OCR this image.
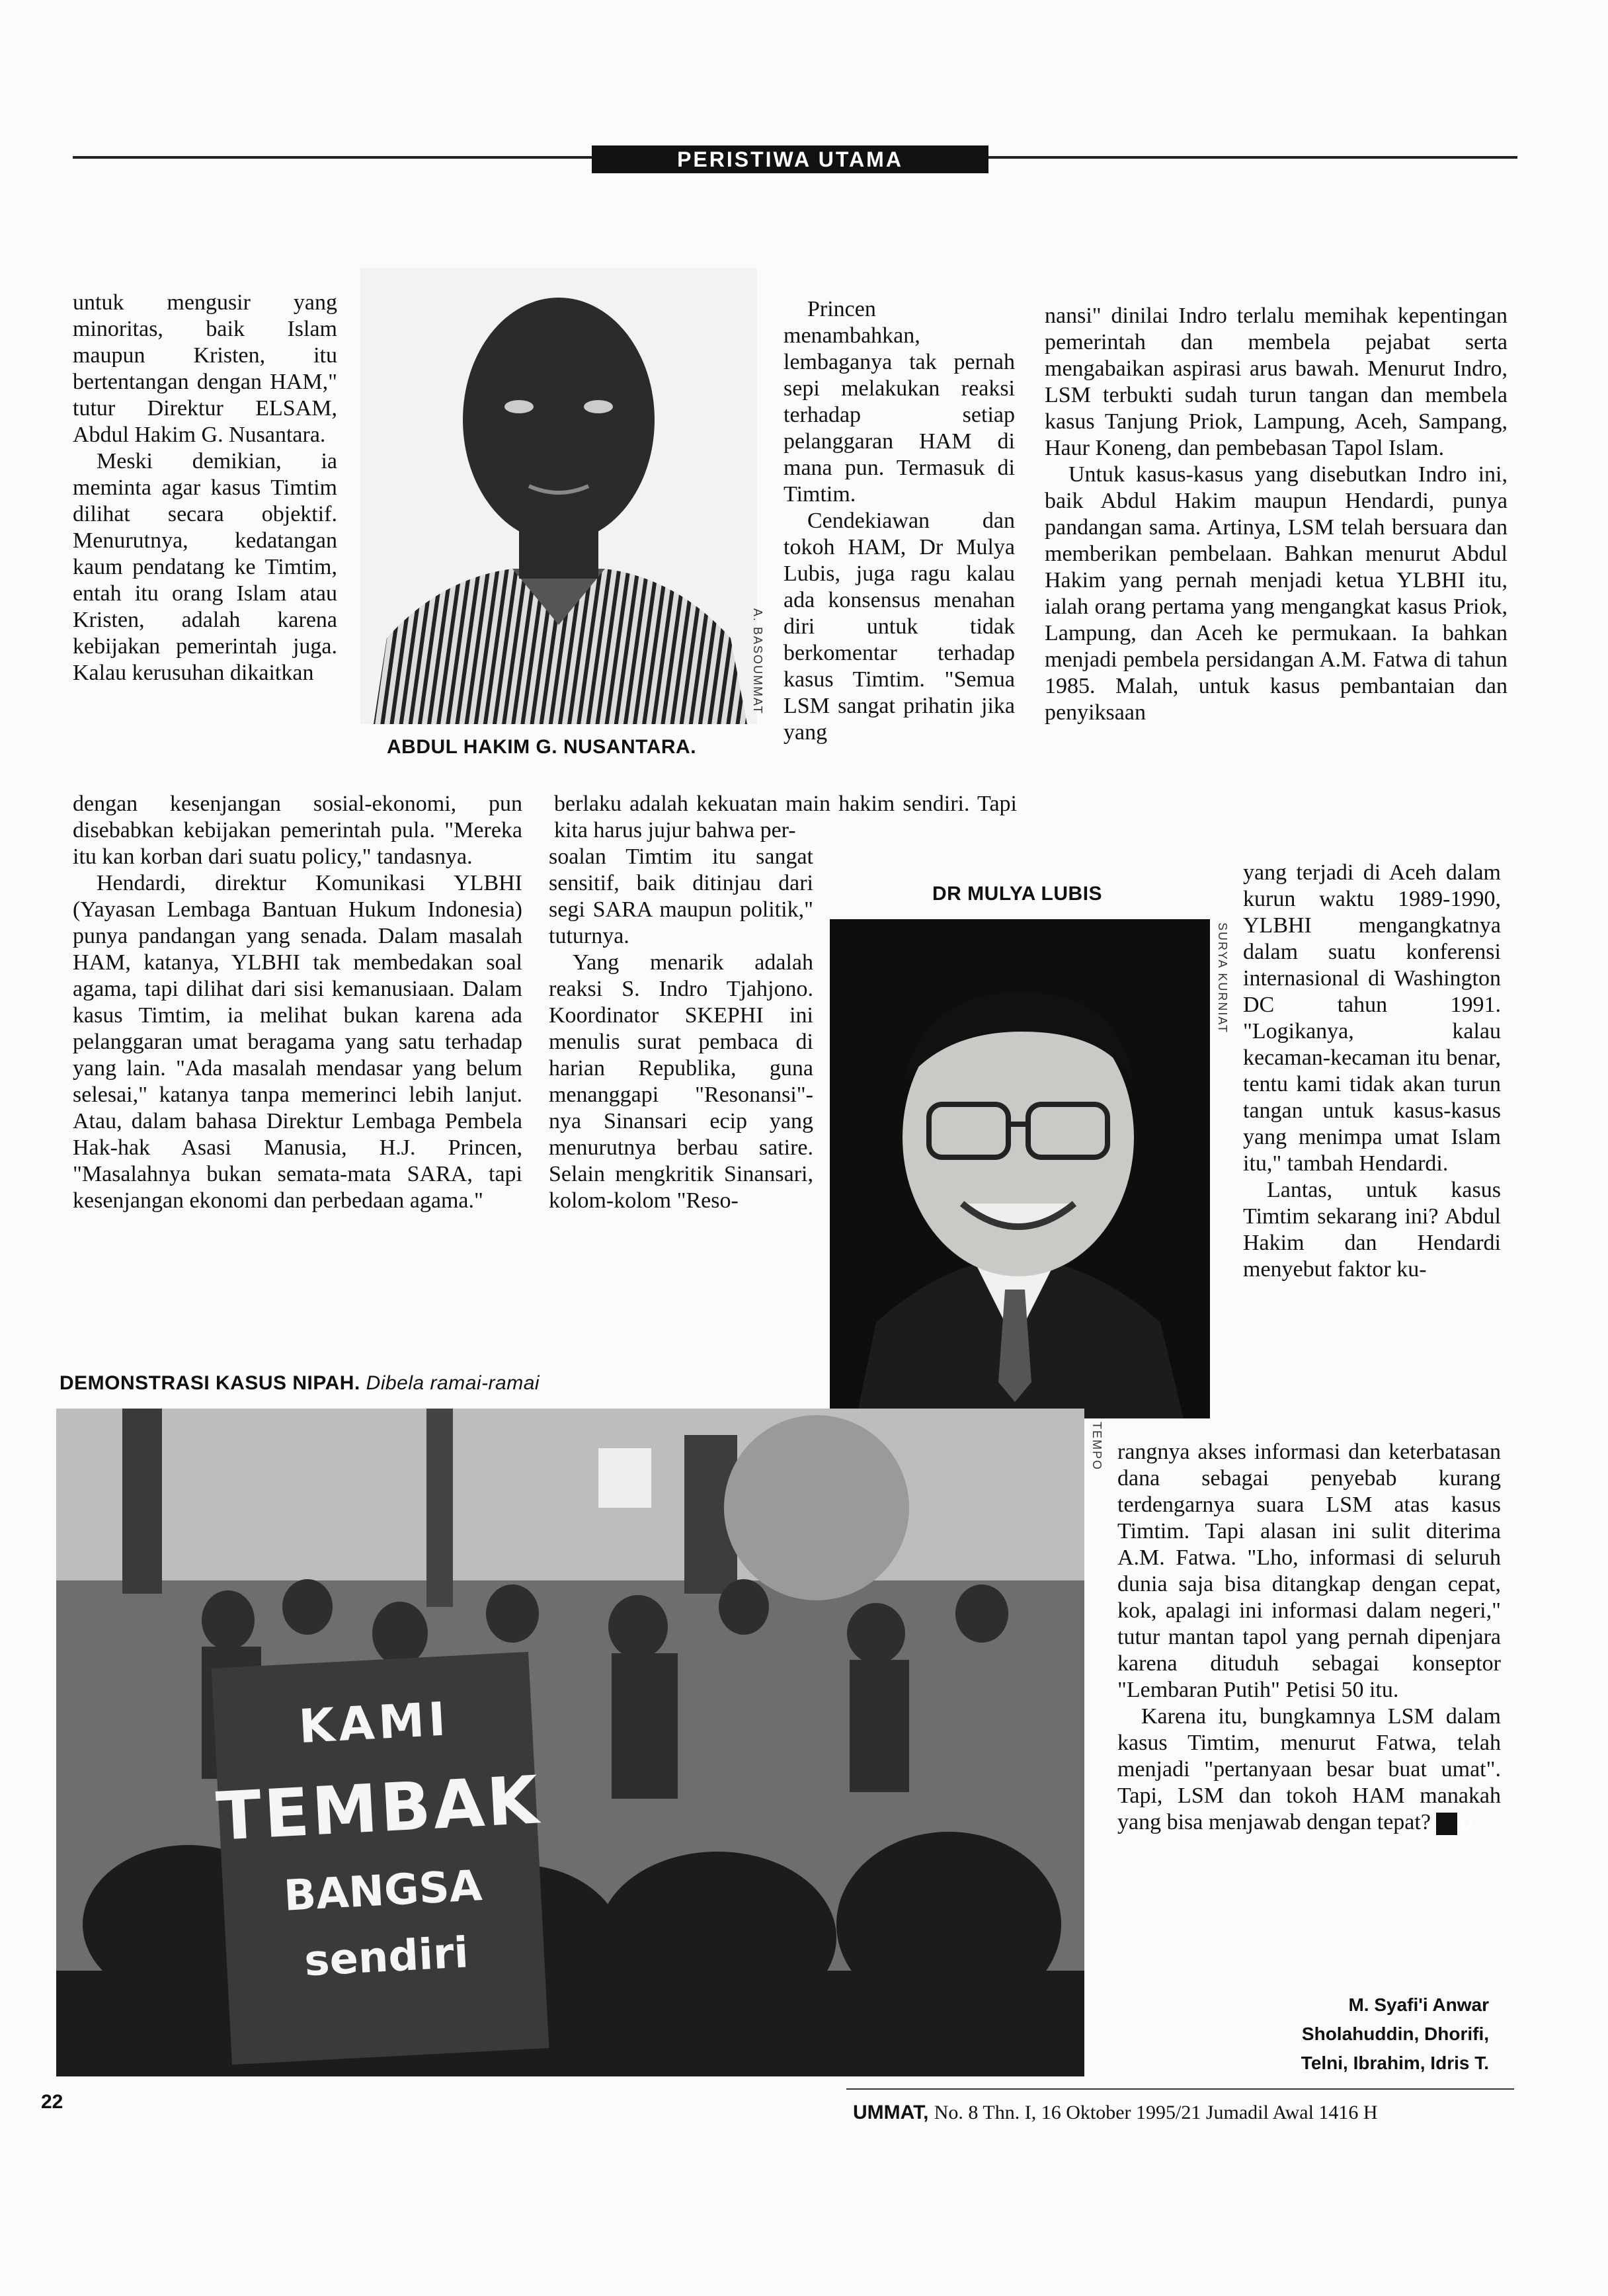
PERISTIWA UTAMA

untuk mengusir yang minoritas, baik Islam maupun Kristen, itu bertentangan dengan HAM," tutur Direktur ELSAM, Abdul Hakim G. Nusantara.

Meski demikian, ia meminta agar kasus Timtim dilihat secara objektif. Menurutnya, kedatangan kaum pendatang ke Timtim, entah itu orang Islam atau Kristen, adalah karena kebijakan pemerintah juga. Kalau kerusuhan dikaitkan	A. BASOUMMAT
ABDUL HAKIM G. NUSANTARA.

Princen menambahkan, lembaganya tak pernah sepi melakukan reaksi terhadap setiap pelanggaran HAM di mana pun. Termasuk di Timtim.

Cendekiawan dan tokoh HAM, Dr Mulya Lubis, juga ragu kalau ada konsensus menahan diri untuk tidak berkomentar terhadap kasus Timtim. "Semua LSM sangat prihatin jika yang

dengan kesenjangan sosial-ekonomi, pun disebabkan kebijakan pemerintah pula. "Mereka itu kan korban dari suatu policy," tandasnya.

Hendardi, direktur Komunikasi YLBHI (Yayasan Lembaga Bantuan Hukum Indonesia) punya pandangan yang senada. Dalam masalah HAM, katanya, YLBHI tak membedakan soal agama, tapi dilihat dari sisi kemanusiaan. Dalam kasus Timtim, ia melihat bukan karena ada pelanggaran umat beragama yang satu terhadap yang lain. "Ada masalah mendasar yang belum selesai," katanya tanpa memerinci lebih lanjut. Atau, dalam bahasa Direktur Lembaga Pembela Hak-hak Asasi Manusia, H.J. Princen, "Masalahnya bukan semata-mata SARA, tapi kesenjangan ekonomi dan perbedaan agama."

berlaku adalah kekuatan main hakim sendiri. Tapi kita harus jujur bahwa per-

soalan Timtim itu sangat sensitif, baik ditinjau dari segi SARA maupun politik," tuturnya.

Yang menarik adalah reaksi S. Indro Tjahjono. Koordinator SKEPHI ini menulis surat pembaca di harian Republika, guna menanggapi "Resonansi"-nya Sinansari ecip yang menurutnya berbau satire. Selain mengkritik Sinansari, kolom-kolom "Reso-

DR MULYA LUBIS
SURYA KURNIAT

nansi" dinilai Indro terlalu memihak kepentingan pemerintah dan membela pejabat serta mengabaikan aspirasi arus bawah. Menurut Indro, LSM terbukti sudah turun tangan dan membela kasus Tanjung Priok, Lampung, Aceh, Sampang, Haur Koneng, dan pembebasan Tapol Islam.

Untuk kasus-kasus yang disebutkan Indro ini, baik Abdul Hakim maupun Hendardi, punya pandangan sama. Artinya, LSM telah bersuara dan memberikan pembelaan. Bahkan menurut Abdul Hakim yang pernah menjadi ketua YLBHI itu, ialah orang pertama yang mengangkat kasus Priok, Lampung, dan Aceh ke permukaan. Ia bahkan menjadi pembela persidangan A.M. Fatwa di tahun 1985. Malah, untuk kasus pembantaian dan penyiksaan

yang terjadi di Aceh dalam kurun waktu 1989-1990, YLBHI mengangkatnya dalam suatu konferensi internasional di Washington DC tahun 1991. "Logikanya, kalau kecaman-kecaman itu benar, tentu kami tidak akan turun tangan untuk kasus-kasus yang menimpa umat Islam itu," tambah Hendardi.

Lantas, untuk kasus Timtim sekarang ini? Abdul Hakim dan Hendardi menyebut faktor ku-

DEMONSTRASI KASUS NIPAH. Dibela ramai-ramai
KAMI
TEMBAK
BANGSA sendiri
TEMPO rangnya akses informasi dan keterbatasan dana sebagai penyebab kurang terdengarnya suara LSM atas kasus Timtim. Tapi alasan ini sulit diterima A.M. Fatwa. "Lho, informasi di seluruh dunia saja bisa ditangkap dengan cepat, kok, apalagi ini informasi dalam negeri," tutur mantan tapol yang pernah dipenjara karena dituduh sebagai konseptor "Lembaran Putih" Petisi 50 itu.

Karena itu, bungkamnya LSM dalam kasus Timtim, menurut Fatwa, telah menjadi "pertanyaan besar buat umat". Tapi, LSM dan tokoh HAM manakah yang bisa menjawab dengan tepat? U

M. Syafi'i Anwar
Sholahuddin, Dhorifi,
Telni, Ibrahim, Idris T.
22	UMMAT, No. 8 Thn. I, 16 Oktober 1995/21 Jumadil Awal 1416 H
